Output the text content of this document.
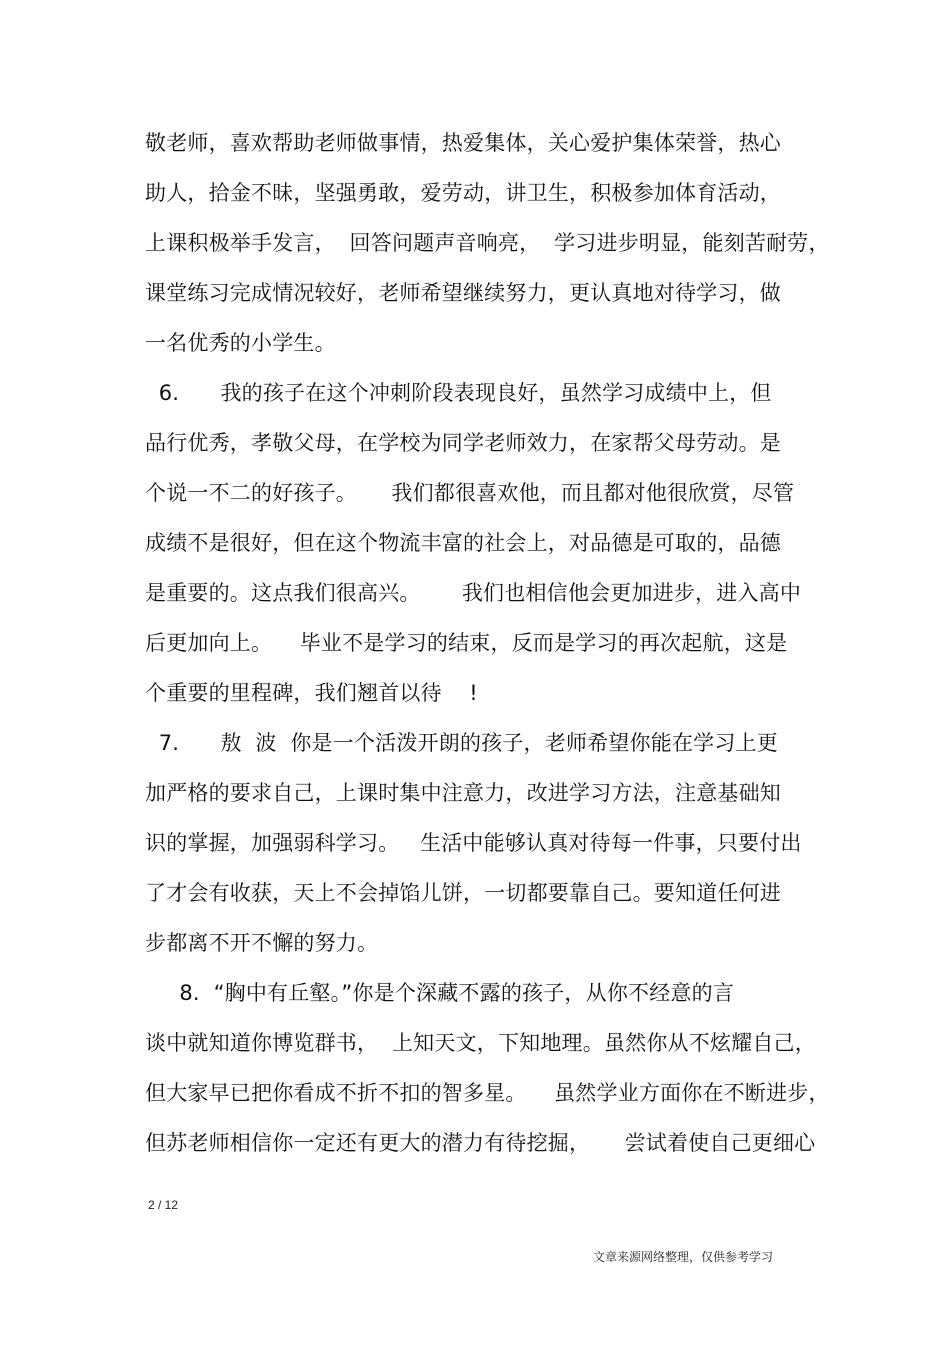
敬老师，喜欢帮助老师做事情，热爱集体，关心爱护集体荣誉，热心
助人，拾金不昧，坚强勇敢，爱劳动，讲卫生，积极参加体育活动，
上课积极举手发言，  回答问题声音响亮，  学习进步明显，能刻苦耐劳，
课堂练习完成情况较好，老师希望继续努力，更认真地对待学习，做
一名优秀的小学生。
6.      我的孩子在这个冲刺阶段表现良好，虽然学习成绩中上，但
品行优秀，孝敬父母，在学校为同学老师效力，在家帮父母劳动。是
个说一不二的好孩子。     我们都很喜欢他，而且都对他很欣赏，尽管
成绩不是很好，但在这个物流丰富的社会上，对品德是可取的，品德
是重要的。这点我们很高兴。      我们也相信他会更加进步，进入高中
后更加向上。    毕业不是学习的结束，反而是学习的再次起航，这是
个重要的里程碑，我们翘首以待    !
7.      敖  波  你是一个活泼开朗的孩子，老师希望你能在学习上更
加严格的要求自己，上课时集中注意力，改进学习方法，注意基础知
识的掌握，加强弱科学习。   生活中能够认真对待每一件事，只要付出
了才会有收获，天上不会掉馅儿饼，一切都要靠自己。要知道任何进
步都离不开不懈的努力。
8.  “胸中有丘壑。”你是个深藏不露的孩子，从你不经意的言
谈中就知道你博览群书，  上知天文，下知地理。虽然你从不炫耀自己，
但大家早已把你看成不折不扣的智多星。    虽然学业方面你在不断进步，
但苏老师相信你一定还有更大的潜力有待挖掘，     尝试着使自己更细心
2 / 12
文章来源网络整理，仅供参考学习
